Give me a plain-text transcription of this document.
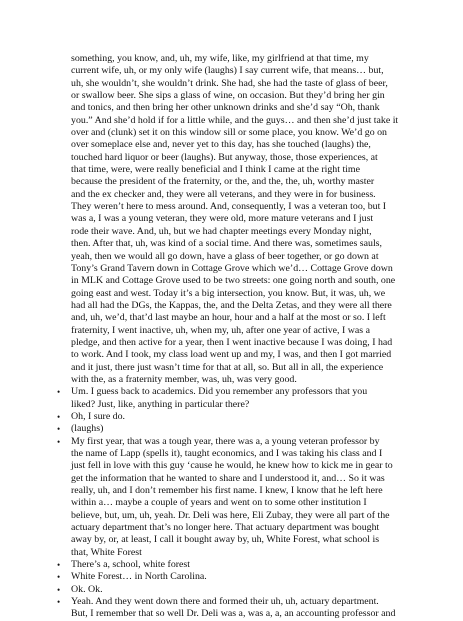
something, you know, and, uh, my wife, like, my girlfriend at that time, my
current wife, uh, or my only wife (laughs) I say current wife, that means… but,
uh, she wouldn’t, she wouldn’t drink. She had, she had the taste of glass of beer,
or swallow beer. She sips a glass of wine, on occasion. But they’d bring her gin
and tonics, and then bring her other unknown drinks and she’d say “Oh, thank
you.” And she’d hold if for a little while, and the guys… and then she’d just take it
over and (clunk) set it on this window sill or some place, you know. We’d go on
over someplace else and, never yet to this day, has she touched (laughs) the,
touched hard liquor or beer (laughs). But anyway, those, those experiences, at
that time, were, were really beneficial and I think I came at the right time
because the president of the fraternity, or the, and the, the, uh, worthy master
and the ex checker and, they were all veterans, and they were in for business.
They weren’t here to mess around. And, consequently, I was a veteran too, but I
was a, I was a young veteran, they were old, more mature veterans and I just
rode their wave. And, uh, but we had chapter meetings every Monday night,
then. After that, uh, was kind of a social time. And there was, sometimes sauls,
yeah, then we would all go down, have a glass of beer together, or go down at
Tony’s Grand Tavern down in Cottage Grove which we’d… Cottage Grove down
in MLK and Cottage Grove used to be two streets: one going north and south, one
going east and west. Today it’s a big intersection, you know. But, it was, uh, we
had all had the DGs, the Kappas, the, and the Delta Zetas, and they were all there
and, uh, we’d, that’d last maybe an hour, hour and a half at the most or so. I left
fraternity, I went inactive, uh, when my, uh, after one year of active, I was a
pledge, and then active for a year, then I went inactive because I was doing, I had
to work. And I took, my class load went up and my, I was, and then I got married
and it just, there just wasn’t time for that at all, so. But all in all, the experience
with the, as a fraternity member, was, uh, was very good.
•	Um. I guess back to academics. Did you remember any professors that you
liked? Just, like, anything in particular there?
•	Oh, I sure do.
•	(laughs)
•	My first year, that was a tough year, there was a, a young veteran professor by
the name of Lapp (spells it), taught economics, and I was taking his class and I
just fell in love with this guy ‘cause he would, he knew how to kick me in gear to
get the information that he wanted to share and I understood it, and… So it was
really, uh, and I don’t remember his first name. I knew, I know that he left here
within a… maybe a couple of years and went on to some other institution I
believe, but, um, uh, yeah. Dr. Deli was here, Eli Zubay, they were all part of the
actuary department that’s no longer here. That actuary department was bought
away by, or, at least, I call it bought away by, uh, White Forest, what school is
that, White Forest
•	There’s a, school, white forest
•	White Forest… in North Carolina.
•	Ok. Ok.
•	Yeah. And they went down there and formed their uh, uh, actuary department.
But, I remember that so well Dr. Deli was a, was a, a, an accounting professor and
